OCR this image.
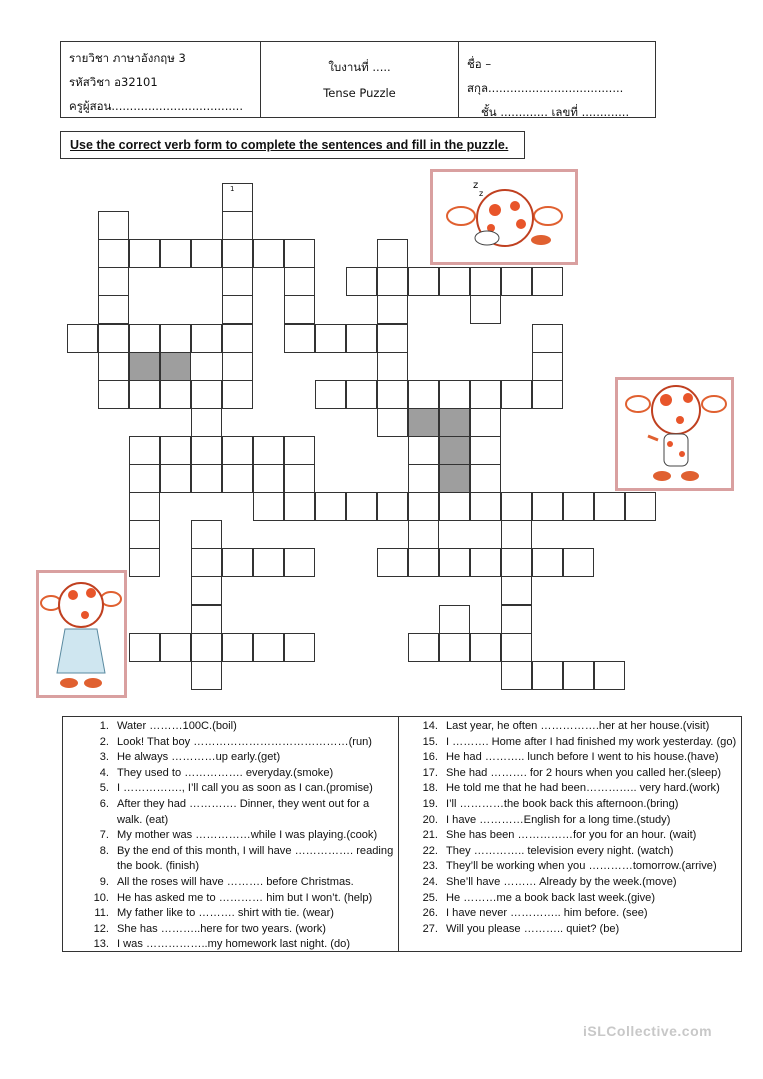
รายวิชา ภาษาอังกฤษ 3
รหัสวิชา อ32101
ครูผู้สอน....................................
ใบงานที่ .....
Tense Puzzle
ชื่อ – สกุล.....................................
ชั้น ............. เลขที่ .............
Use the correct verb form to complete the sentences and fill in the puzzle.
1	z
z
1. Water ………100C.(boil)
2. Look! That boy ……………………………………(run)
3. He always …………up early.(get)
4. They used to ……………. everyday.(smoke)
5. I ……………., I’ll call you as soon as I can.(promise)
6. After they had …………. Dinner, they went out for a walk. (eat)
7. My mother was ……………while I was playing.(cook)
8. By the end of this month, I will have ……………. reading the book. (finish)
9. All the roses will have ………. before Christmas.
10. He has asked me to ………… him but I won’t. (help)
11. My father like to ………. shirt with tie. (wear)
12. She has ………..here for two years. (work)
13. I was ……………..my homework last night. (do)
14. Last year, he often …………….her at her house.(visit)
15. I ………. Home after I had finished my work yesterday. (go)
16. He had ……….. lunch before I went to his house.(have)
17. She had ………. for 2 hours when you called her.(sleep)
18. He told me that he had been………….. very hard.(work)
19. I’ll …………the book back this afternoon.(bring)
20. I have …………English for a long time.(study)
21. She has been ……………for you for an hour. (wait)
22. They ………….. television every night. (watch)
23. They’ll be working when you …………tomorrow.(arrive)
24. She’ll have ……… Already by the week.(move)
25. He ………me a book back last week.(give)
26. I have never ………….. him before. (see)
27. Will you please ……….. quiet? (be)
iSLCollective.com
